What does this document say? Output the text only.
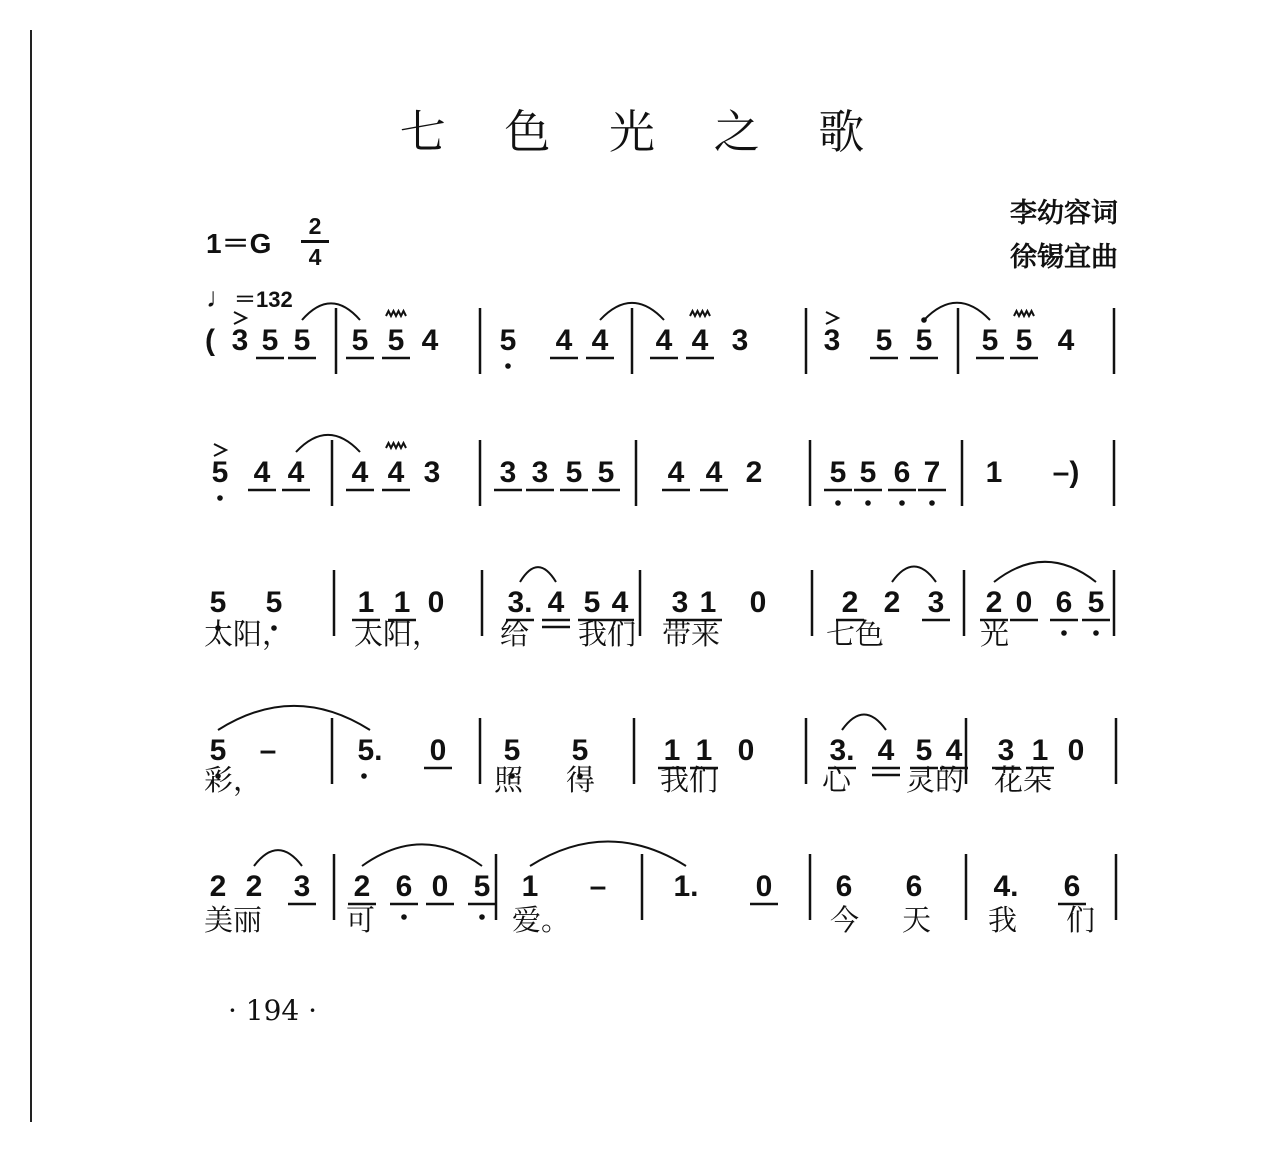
七 色 光 之 歌
李幼容词
徐锡宜曲
1＝G
2
4
♩＝132
( 3 5 5 5 5 4 5 4 4 4 4 3	3 5 5 5 5 4
5 4 4 4 4 3 3 3 5 5 4 4 2 5 5 6 7 1 –)
5 5	1 1 0 3. 4 5 4 3 1 0	2 2 3 2 0 6 5
5 –	5. 0 5 5	1 1 0	3. 4 5 4 3 1 0
2 2 3 2 6 0 5 1 – 1. 0 6 6 4. 6
太阳， 太阳， 给 我们 带来	七色	光
彩，	照 得 我们	心 灵的 花朵
美丽	可	爱。	今 天 我 们
· 194 ·
